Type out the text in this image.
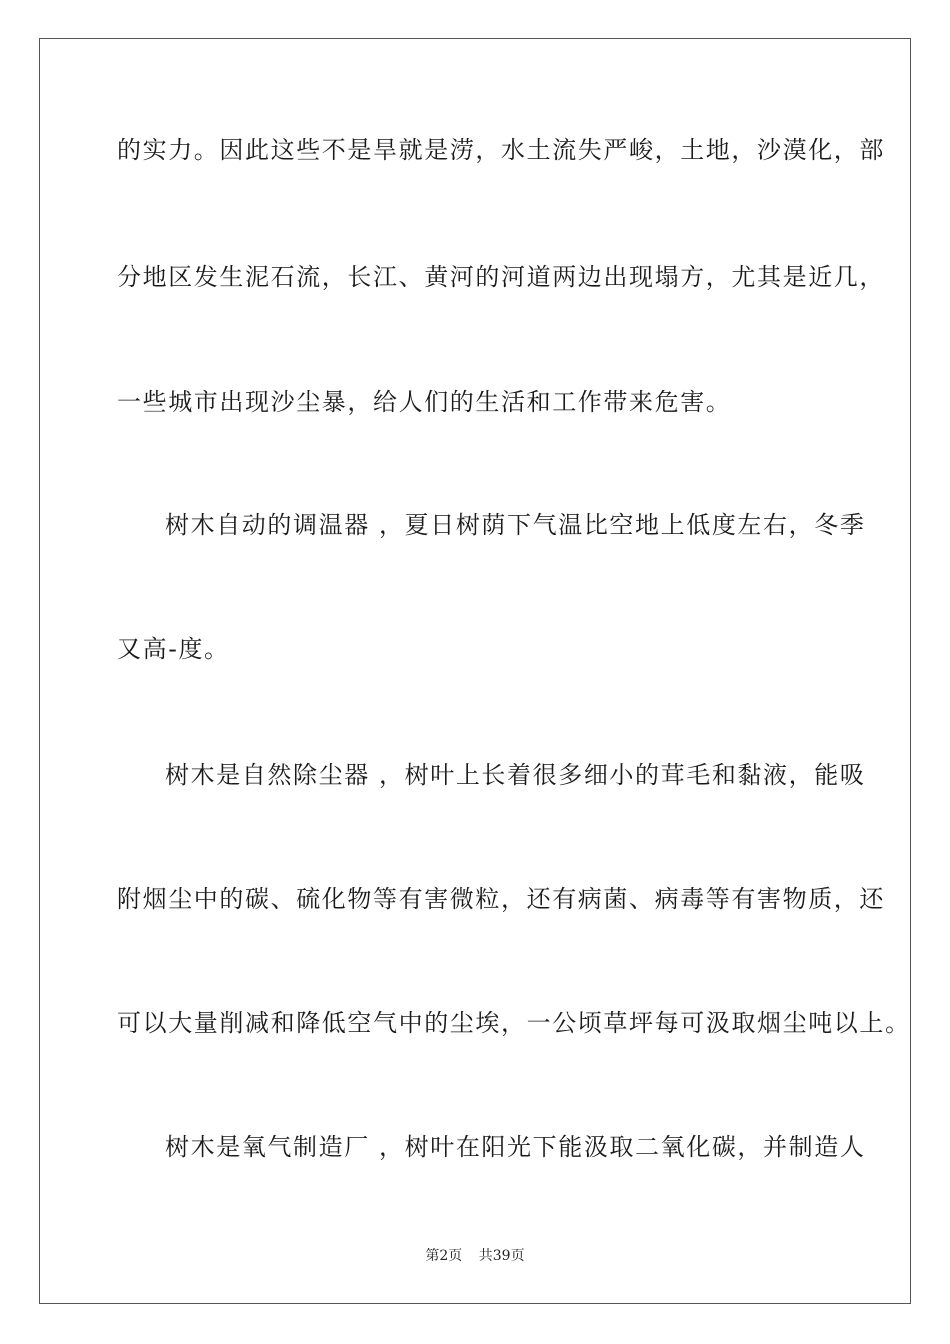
的实力。因此这些不是旱就是涝，水土流失严峻，土地，沙漠化，部
分地区发生泥石流，长江、黄河的河道两边出现塌方，尤其是近几，
一些城市出现沙尘暴，给人们的生活和工作带来危害。
树木自动的调温器 ，夏日树荫下气温比空地上低度左右，冬季
又高-度。
树木是自然除尘器 ，树叶上长着很多细小的茸毛和黏液，能吸
附烟尘中的碳、硫化物等有害微粒，还有病菌、病毒等有害物质，还
可以大量削减和降低空气中的尘埃，一公顷草坪每可汲取烟尘吨以上。
树木是氧气制造厂 ，树叶在阳光下能汲取二氧化碳，并制造人
第2页 共39页
